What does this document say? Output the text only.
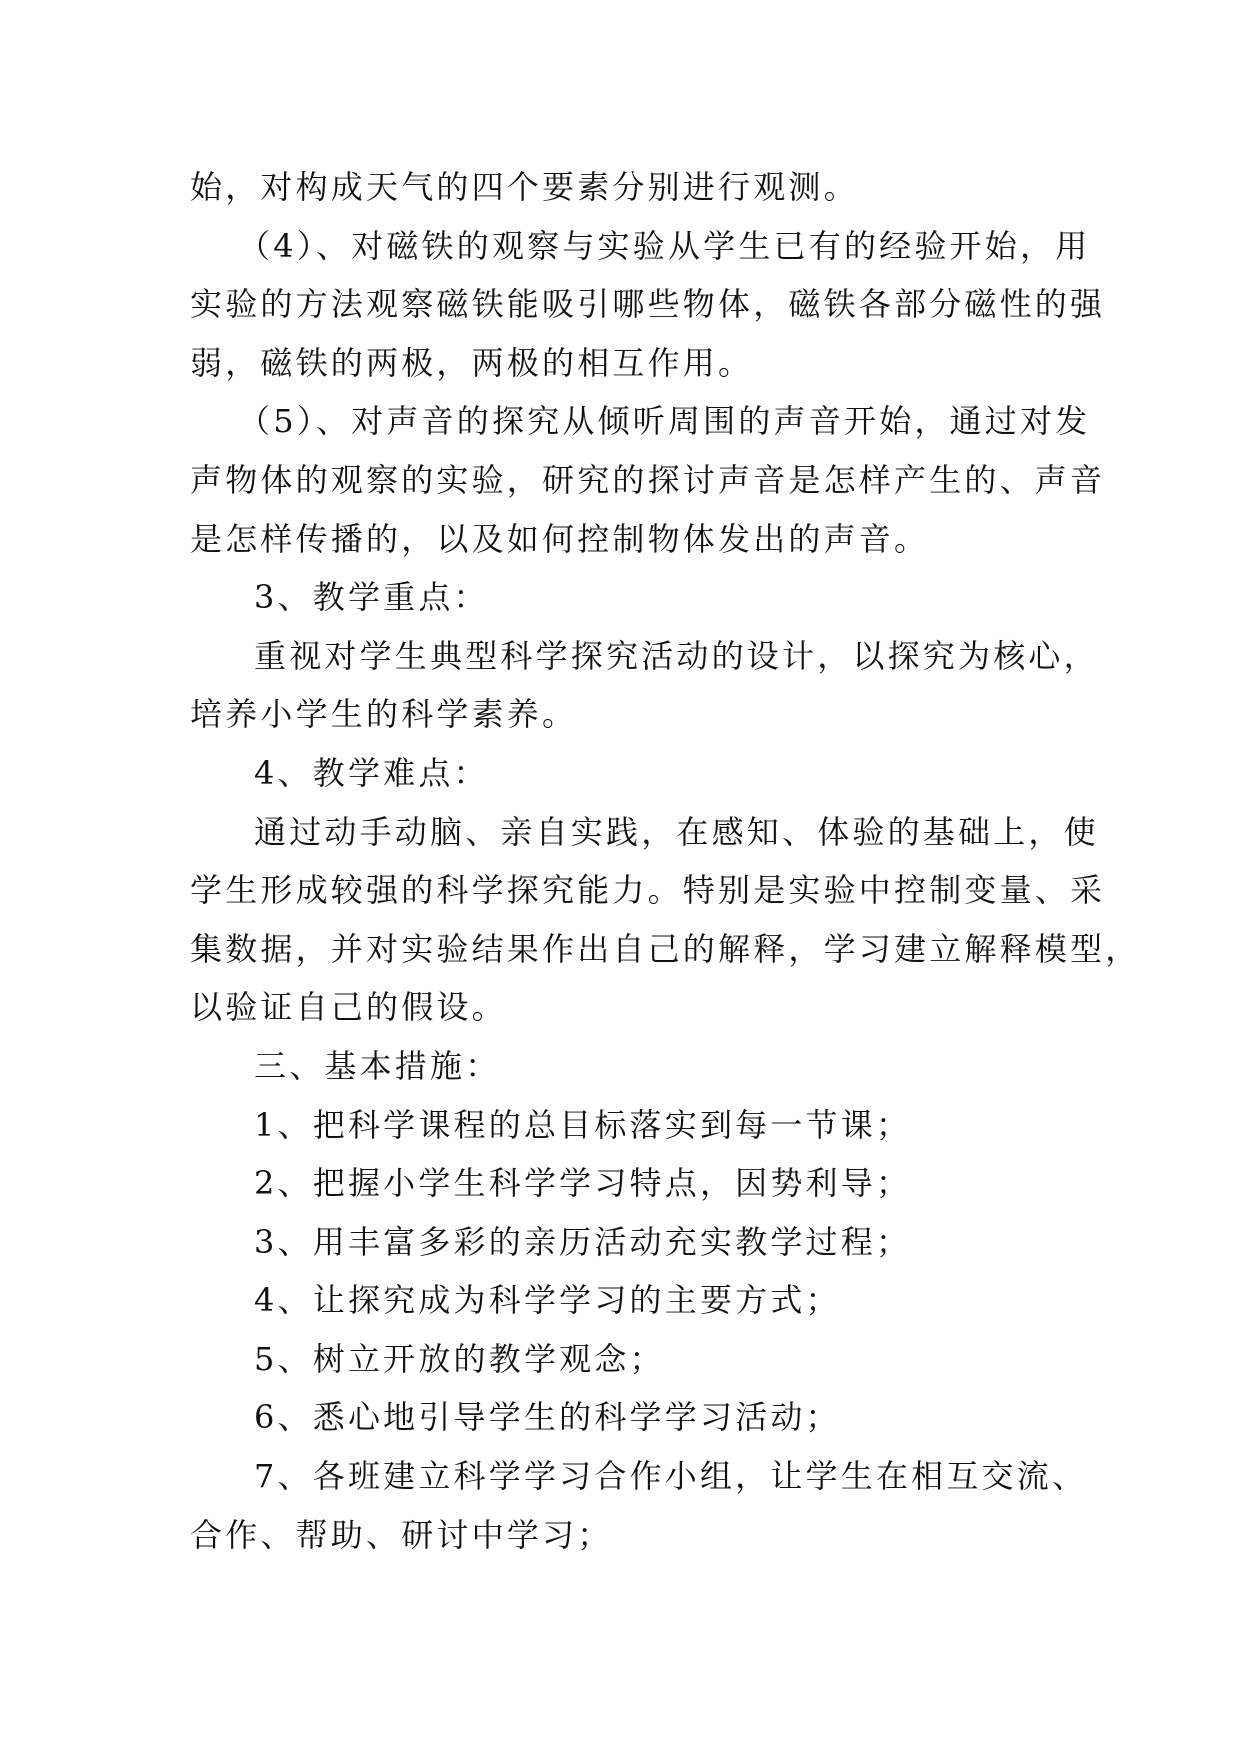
始，对构成天气的四个要素分别进行观测。

（4）、对磁铁的观察与实验从学生已有的经验开始，用

实验的方法观察磁铁能吸引哪些物体，磁铁各部分磁性的强

弱，磁铁的两极，两极的相互作用。

（5）、对声音的探究从倾听周围的声音开始，通过对发

声物体的观察的实验，研究的探讨声音是怎样产生的、声音

是怎样传播的，以及如何控制物体发出的声音。

3、教学重点：

重视对学生典型科学探究活动的设计，以探究为核心，

培养小学生的科学素养。

4、教学难点：

通过动手动脑、亲自实践，在感知、体验的基础上，使

学生形成较强的科学探究能力。特别是实验中控制变量、采

集数据，并对实验结果作出自己的解释，学习建立解释模型，

以验证自己的假设。

三、基本措施：

1、把科学课程的总目标落实到每一节课；

2、把握小学生科学学习特点，因势利导；

3、用丰富多彩的亲历活动充实教学过程；

4、让探究成为科学学习的主要方式；

5、树立开放的教学观念；

6、悉心地引导学生的科学学习活动；

7、各班建立科学学习合作小组，让学生在相互交流、

合作、帮助、研讨中学习；
